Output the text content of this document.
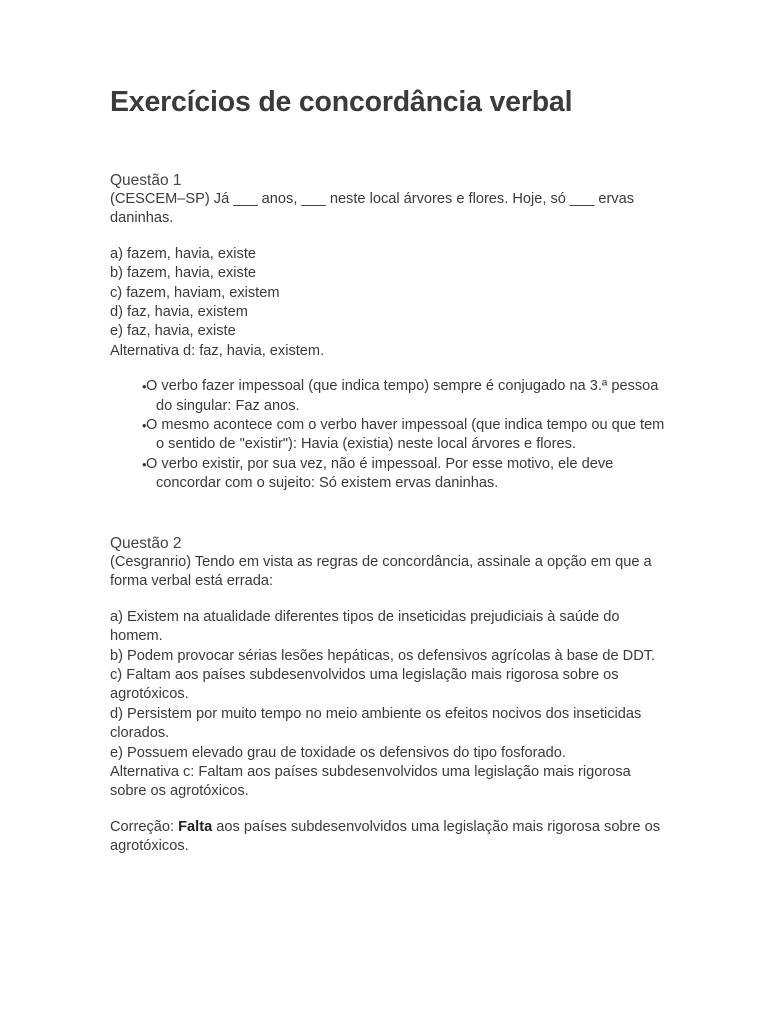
Exercícios de concordância verbal

Questão 1

(CESCEM–SP) Já ___ anos, ___ neste local árvores e flores. Hoje, só ___ ervas daninhas.

a) fazem, havia, existe

b) fazem, havia, existe

c) fazem, haviam, existem

d) faz, havia, existem

e) faz, havia, existe

Alternativa d: faz, havia, existem.

• O verbo fazer impessoal (que indica tempo) sempre é conjugado na 3.ª pessoa do singular: Faz anos.
• O mesmo acontece com o verbo haver impessoal (que indica tempo ou que tem o sentido de "existir"): Havia (existia) neste local árvores e flores.
• O verbo existir, por sua vez, não é impessoal. Por esse motivo, ele deve concordar com o sujeito: Só existem ervas daninhas.

Questão 2

(Cesgranrio) Tendo em vista as regras de concordância, assinale a opção em que a forma verbal está errada:

a) Existem na atualidade diferentes tipos de inseticidas prejudiciais à saúde do homem.

b) Podem provocar sérias lesões hepáticas, os defensivos agrícolas à base de DDT.

c) Faltam aos países subdesenvolvidos uma legislação mais rigorosa sobre os agrotóxicos.

d) Persistem por muito tempo no meio ambiente os efeitos nocivos dos inseticidas clorados.

e) Possuem elevado grau de toxidade os defensivos do tipo fosforado.

Alternativa c: Faltam aos países subdesenvolvidos uma legislação mais rigorosa sobre os agrotóxicos.

Correção: Falta aos países subdesenvolvidos uma legislação mais rigorosa sobre os agrotóxicos.
